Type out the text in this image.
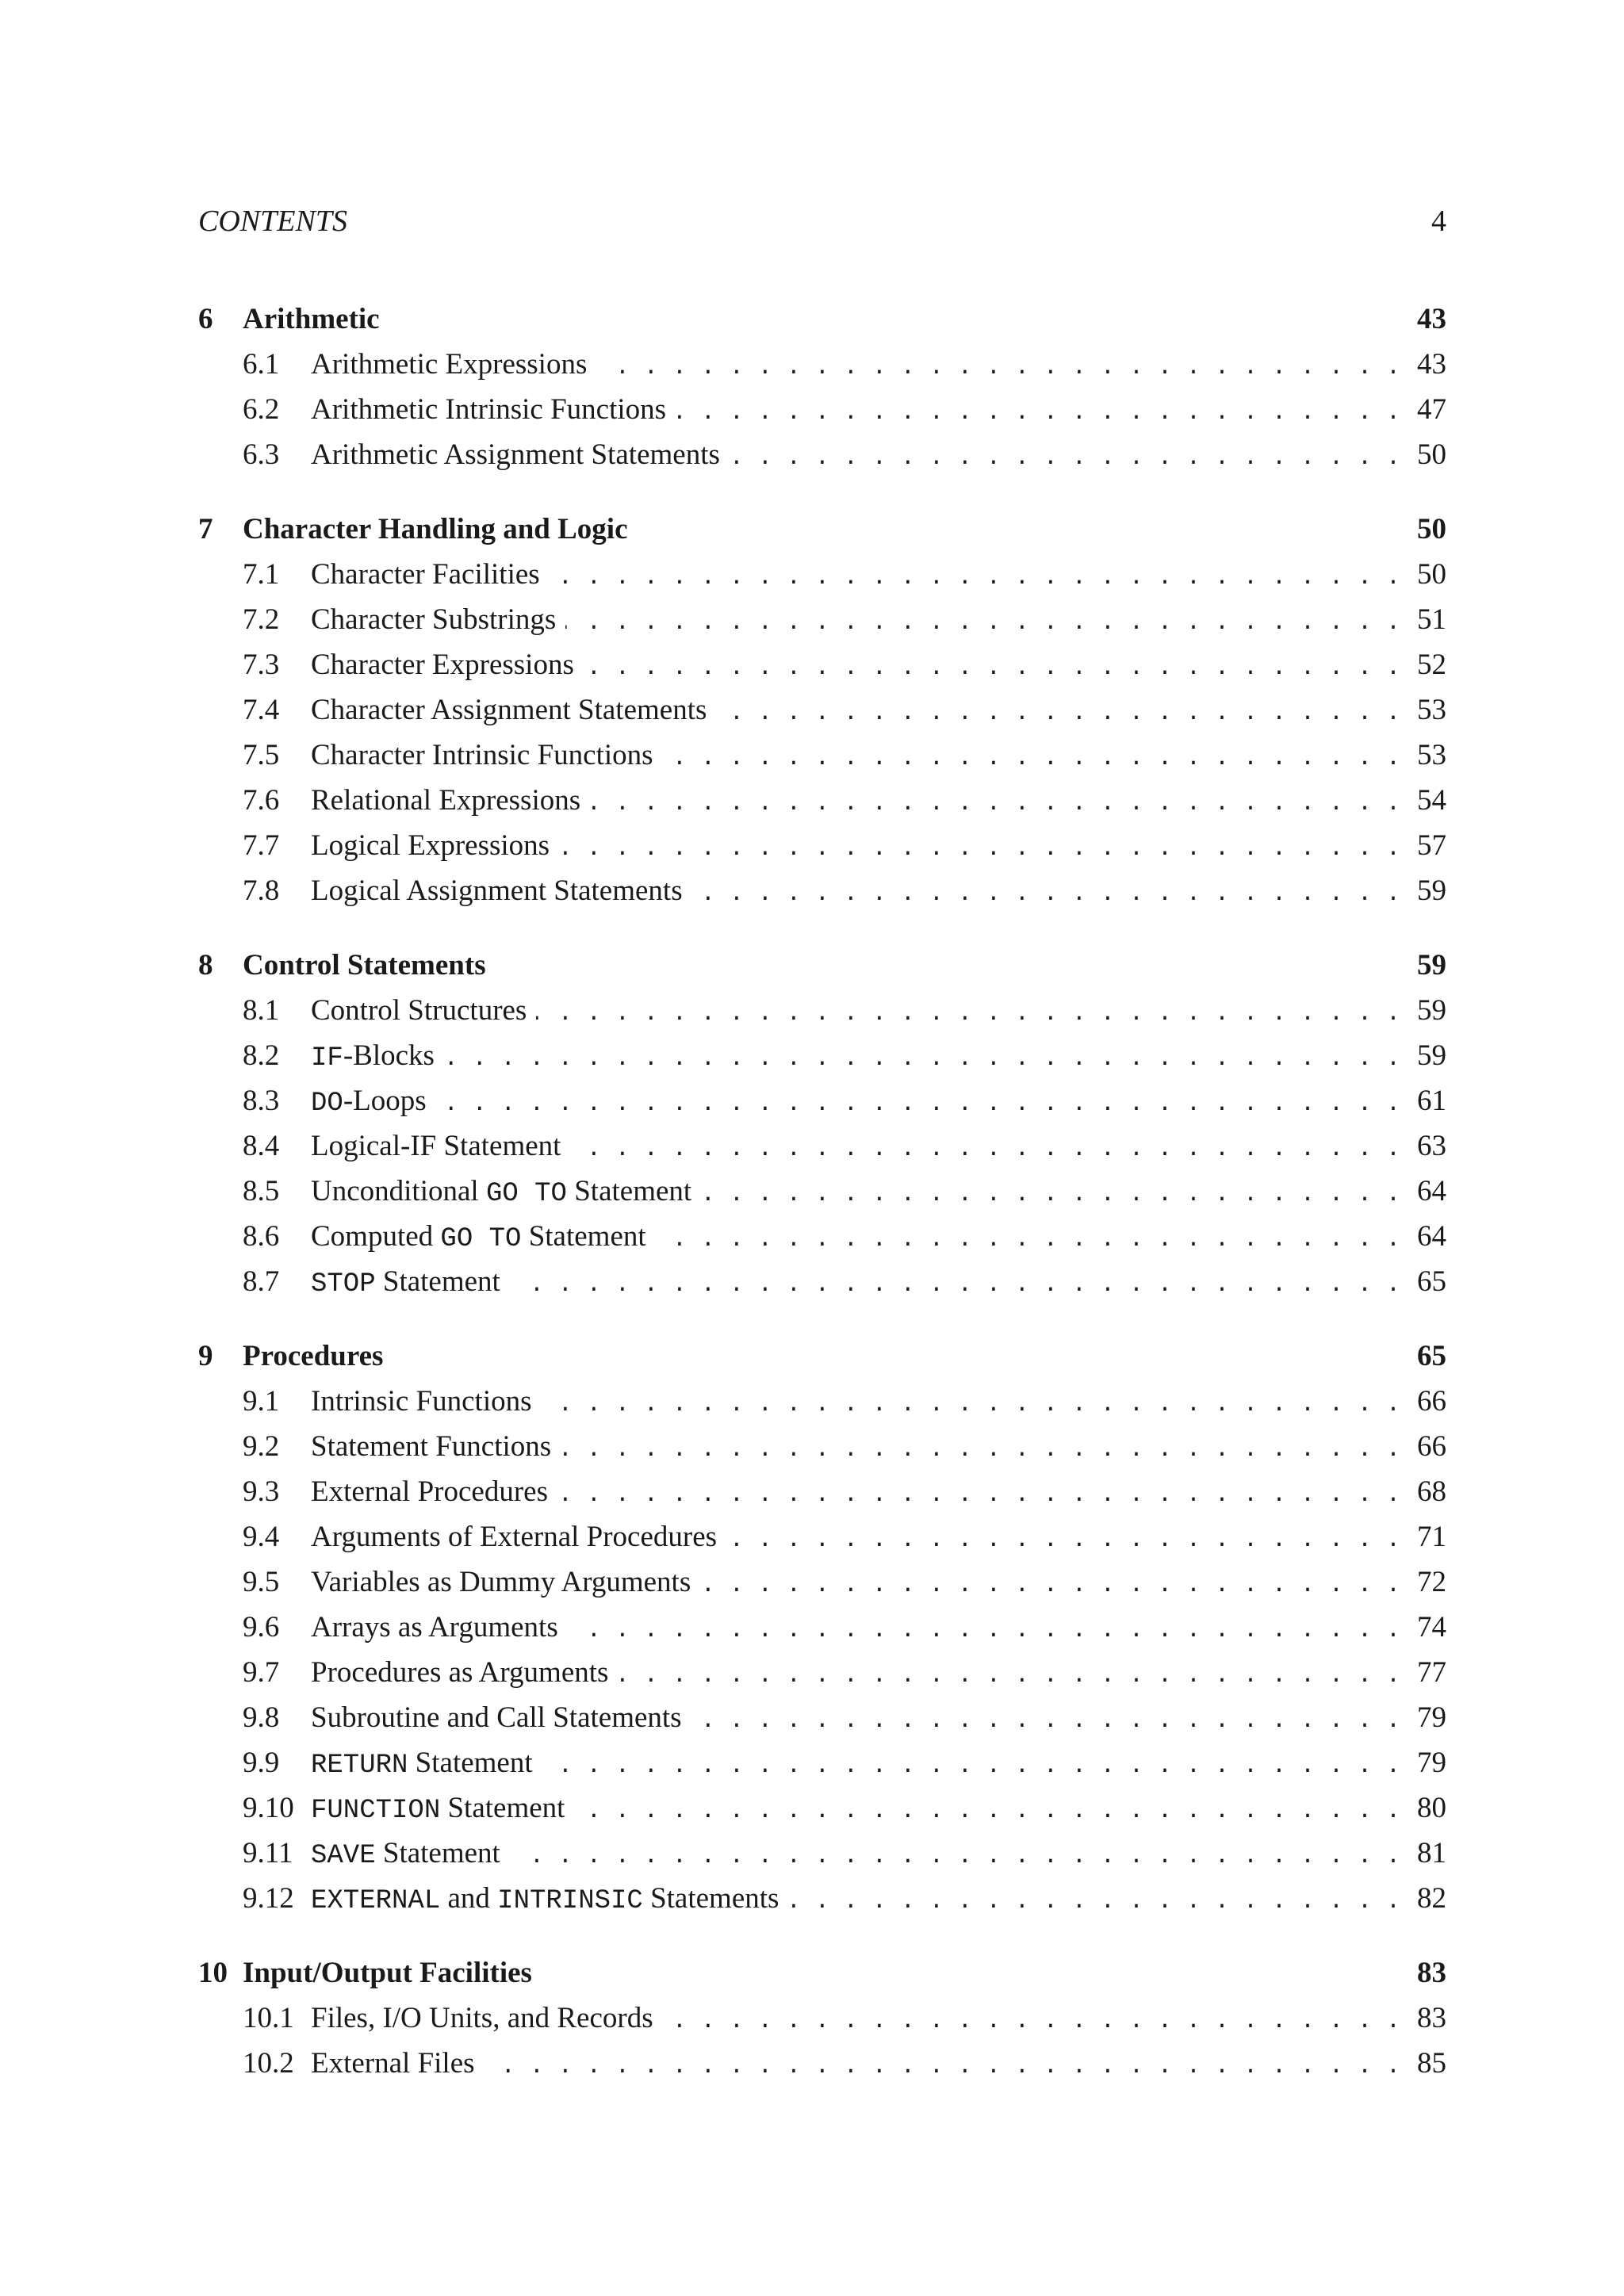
CONTENTS	4
6	Arithmetic	43
6.1	Arithmetic Expressions . . .	43
6.2	Arithmetic Intrinsic Functions . . .	47
6.3	Arithmetic Assignment Statements . . .	50
7	Character Handling and Logic	50
7.1	Character Facilities . . .	50
7.2	Character Substrings . . .	51
7.3	Character Expressions . . .	52
7.4	Character Assignment Statements . . .	53
7.5	Character Intrinsic Functions . . .	53
7.6	Relational Expressions . . .	54
7.7	Logical Expressions . . .	57
7.8	Logical Assignment Statements . . .	59
8	Control Statements	59
8.1	Control Structures . . .	59
8.2	IF-Blocks . . .	59
8.3	DO-Loops . . .	61
8.4	Logical-IF Statement . . .	63
8.5	Unconditional GO TO Statement . . .	64
8.6	Computed GO TO Statement . . .	64
8.7	STOP Statement . . .	65
9	Procedures	65
9.1	Intrinsic Functions . . .	66
9.2	Statement Functions . . .	66
9.3	External Procedures . . .	68
9.4	Arguments of External Procedures . . .	71
9.5	Variables as Dummy Arguments . . .	72
9.6	Arrays as Arguments . . .	74
9.7	Procedures as Arguments . . .	77
9.8	Subroutine and Call Statements . . .	79
9.9	RETURN Statement . . .	79
9.10 FUNCTION Statement . . .	80
9.11 SAVE Statement . . .	81
9.12 EXTERNAL and INTRINSIC Statements . . .	82
10 Input/Output Facilities	83
10.1 Files, I/O Units, and Records . . .	83
10.2 External Files . . .	85
